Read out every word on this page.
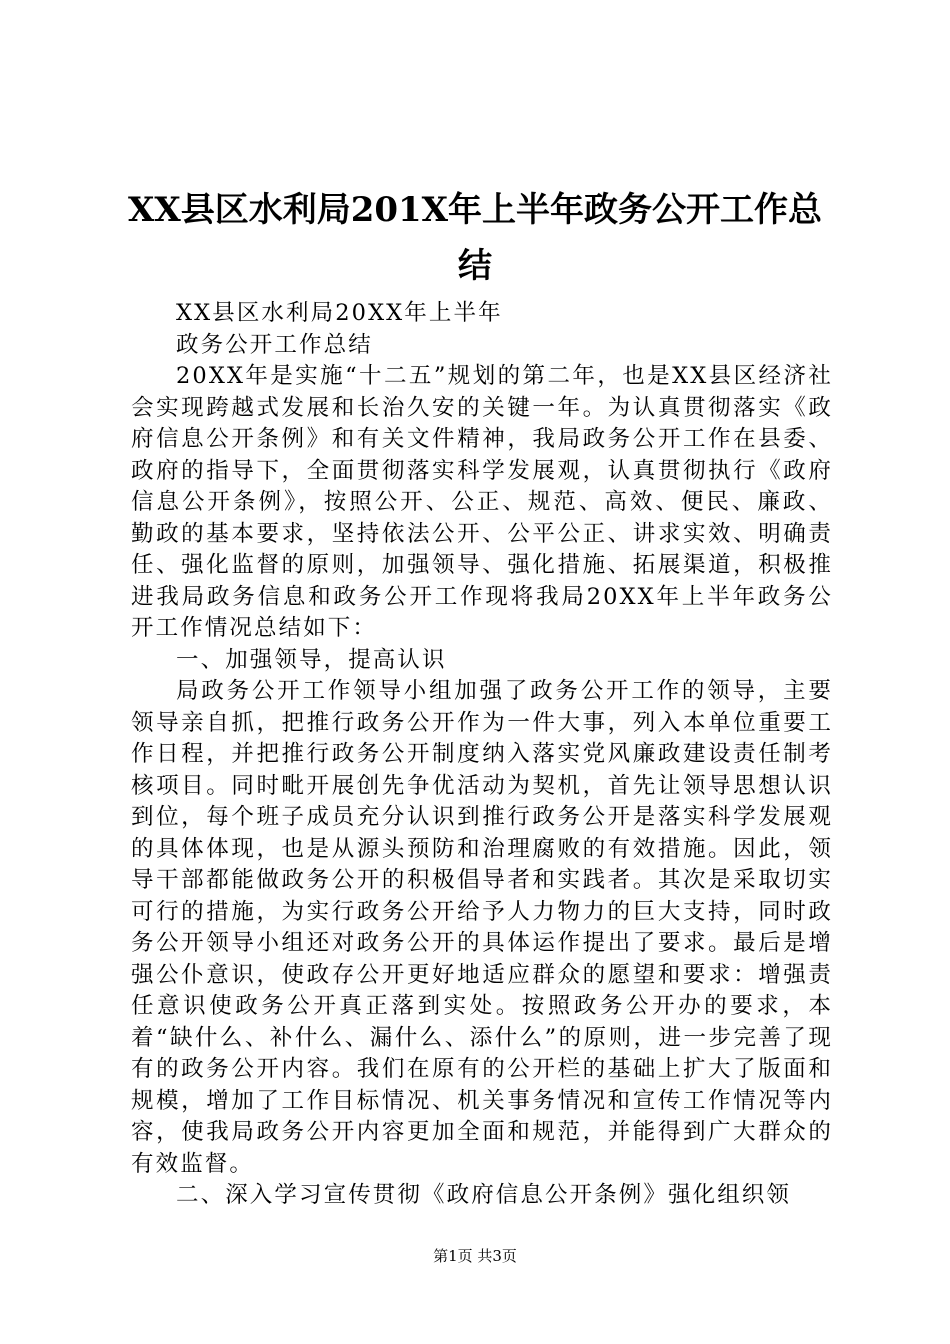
XX县区水利局201X年上半年政务公开工作总结

XX县区水利局20XX年上半年

政务公开工作总结

20XX年是实施“十二五”规划的第二年，也是XX县区经济社会实现跨越式发展和长治久安的关键一年。为认真贯彻落实《政府信息公开条例》和有关文件精神，我局政务公开工作在县委、政府的指导下，全面贯彻落实科学发展观，认真贯彻执行《政府信息公开条例》，按照公开、公正、规范、高效、便民、廉政、勤政的基本要求，坚持依法公开、公平公正、讲求实效、明确责任、强化监督的原则，加强领导、强化措施、拓展渠道，积极推进我局政务信息和政务公开工作现将我局20XX年上半年政务公开工作情况总结如下：

一、加强领导，提高认识

局政务公开工作领导小组加强了政务公开工作的领导，主要领导亲自抓，把推行政务公开作为一件大事，列入本单位重要工作日程，并把推行政务公开制度纳入落实党风廉政建设责任制考核项目。同时毗开展创先争优活动为契机，首先让领导思想认识到位，每个班子成员充分认识到推行政务公开是落实科学发展观的具体体现，也是从源头预防和治理腐败的有效措施。因此，领导干部都能做政务公开的积极倡导者和实践者。其次是采取切实可行的措施，为实行政务公开给予人力物力的巨大支持，同时政务公开领导小组还对政务公开的具体运作提出了要求。最后是增强公仆意识，使政存公开更好地适应群众的愿望和要求：增强责任意识使政务公开真正落到实处。按照政务公开办的要求，本着“缺什么、补什么、漏什么、添什么”的原则，进一步完善了现有的政务公开内容。我们在原有的公开栏的基础上扩大了版面和规模，增加了工作目标情况、机关事务情况和宣传工作情况等内容，使我局政务公开内容更加全面和规范，并能得到广大群众的有效监督。

二、深入学习宣传贯彻《政府信息公开条例》强化组织领

第1页 共3页
